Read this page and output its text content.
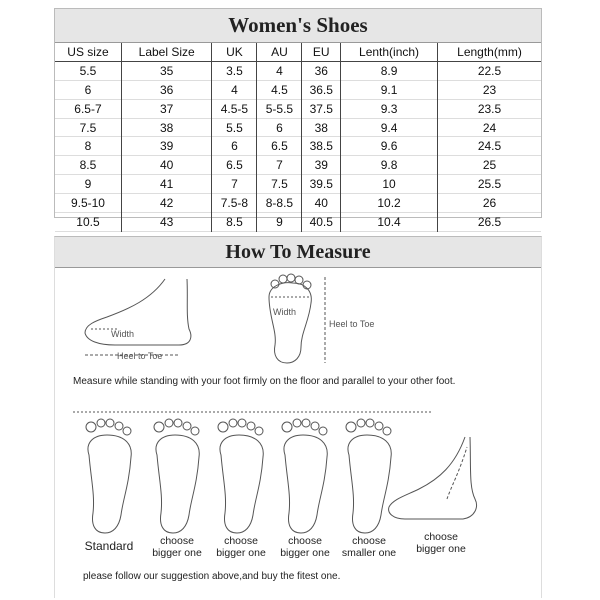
Women's Shoes
US size	Label Size	UK	AU	EU	Lenth(inch)	Length(mm)
5.5	35	3.5	4	36	8.9	22.5
6	36	4	4.5	36.5	9.1	23
6.5-7	37	4.5-5	5-5.5	37.5	9.3	23.5
7.5	38	5.5	6	38	9.4	24
8	39	6	6.5	38.5	9.6	24.5
8.5	40	6.5	7	39	9.8	25
9	41	7	7.5	39.5	10	25.5
9.5-10	42	7.5-8	8-8.5	40	10.2	26
10.5	43	8.5	9	40.5	10.4	26.5
How To Measure
Width
Heel to Toe
Width
Heel to Toe
Measure while standing with your foot firmly on the floor and parallel to your other foot.
Standard	choose
bigger one
choose
bigger one
choose
bigger one
choose
smaller one
choose
bigger one
please follow our suggestion above,and buy the fitest one.
